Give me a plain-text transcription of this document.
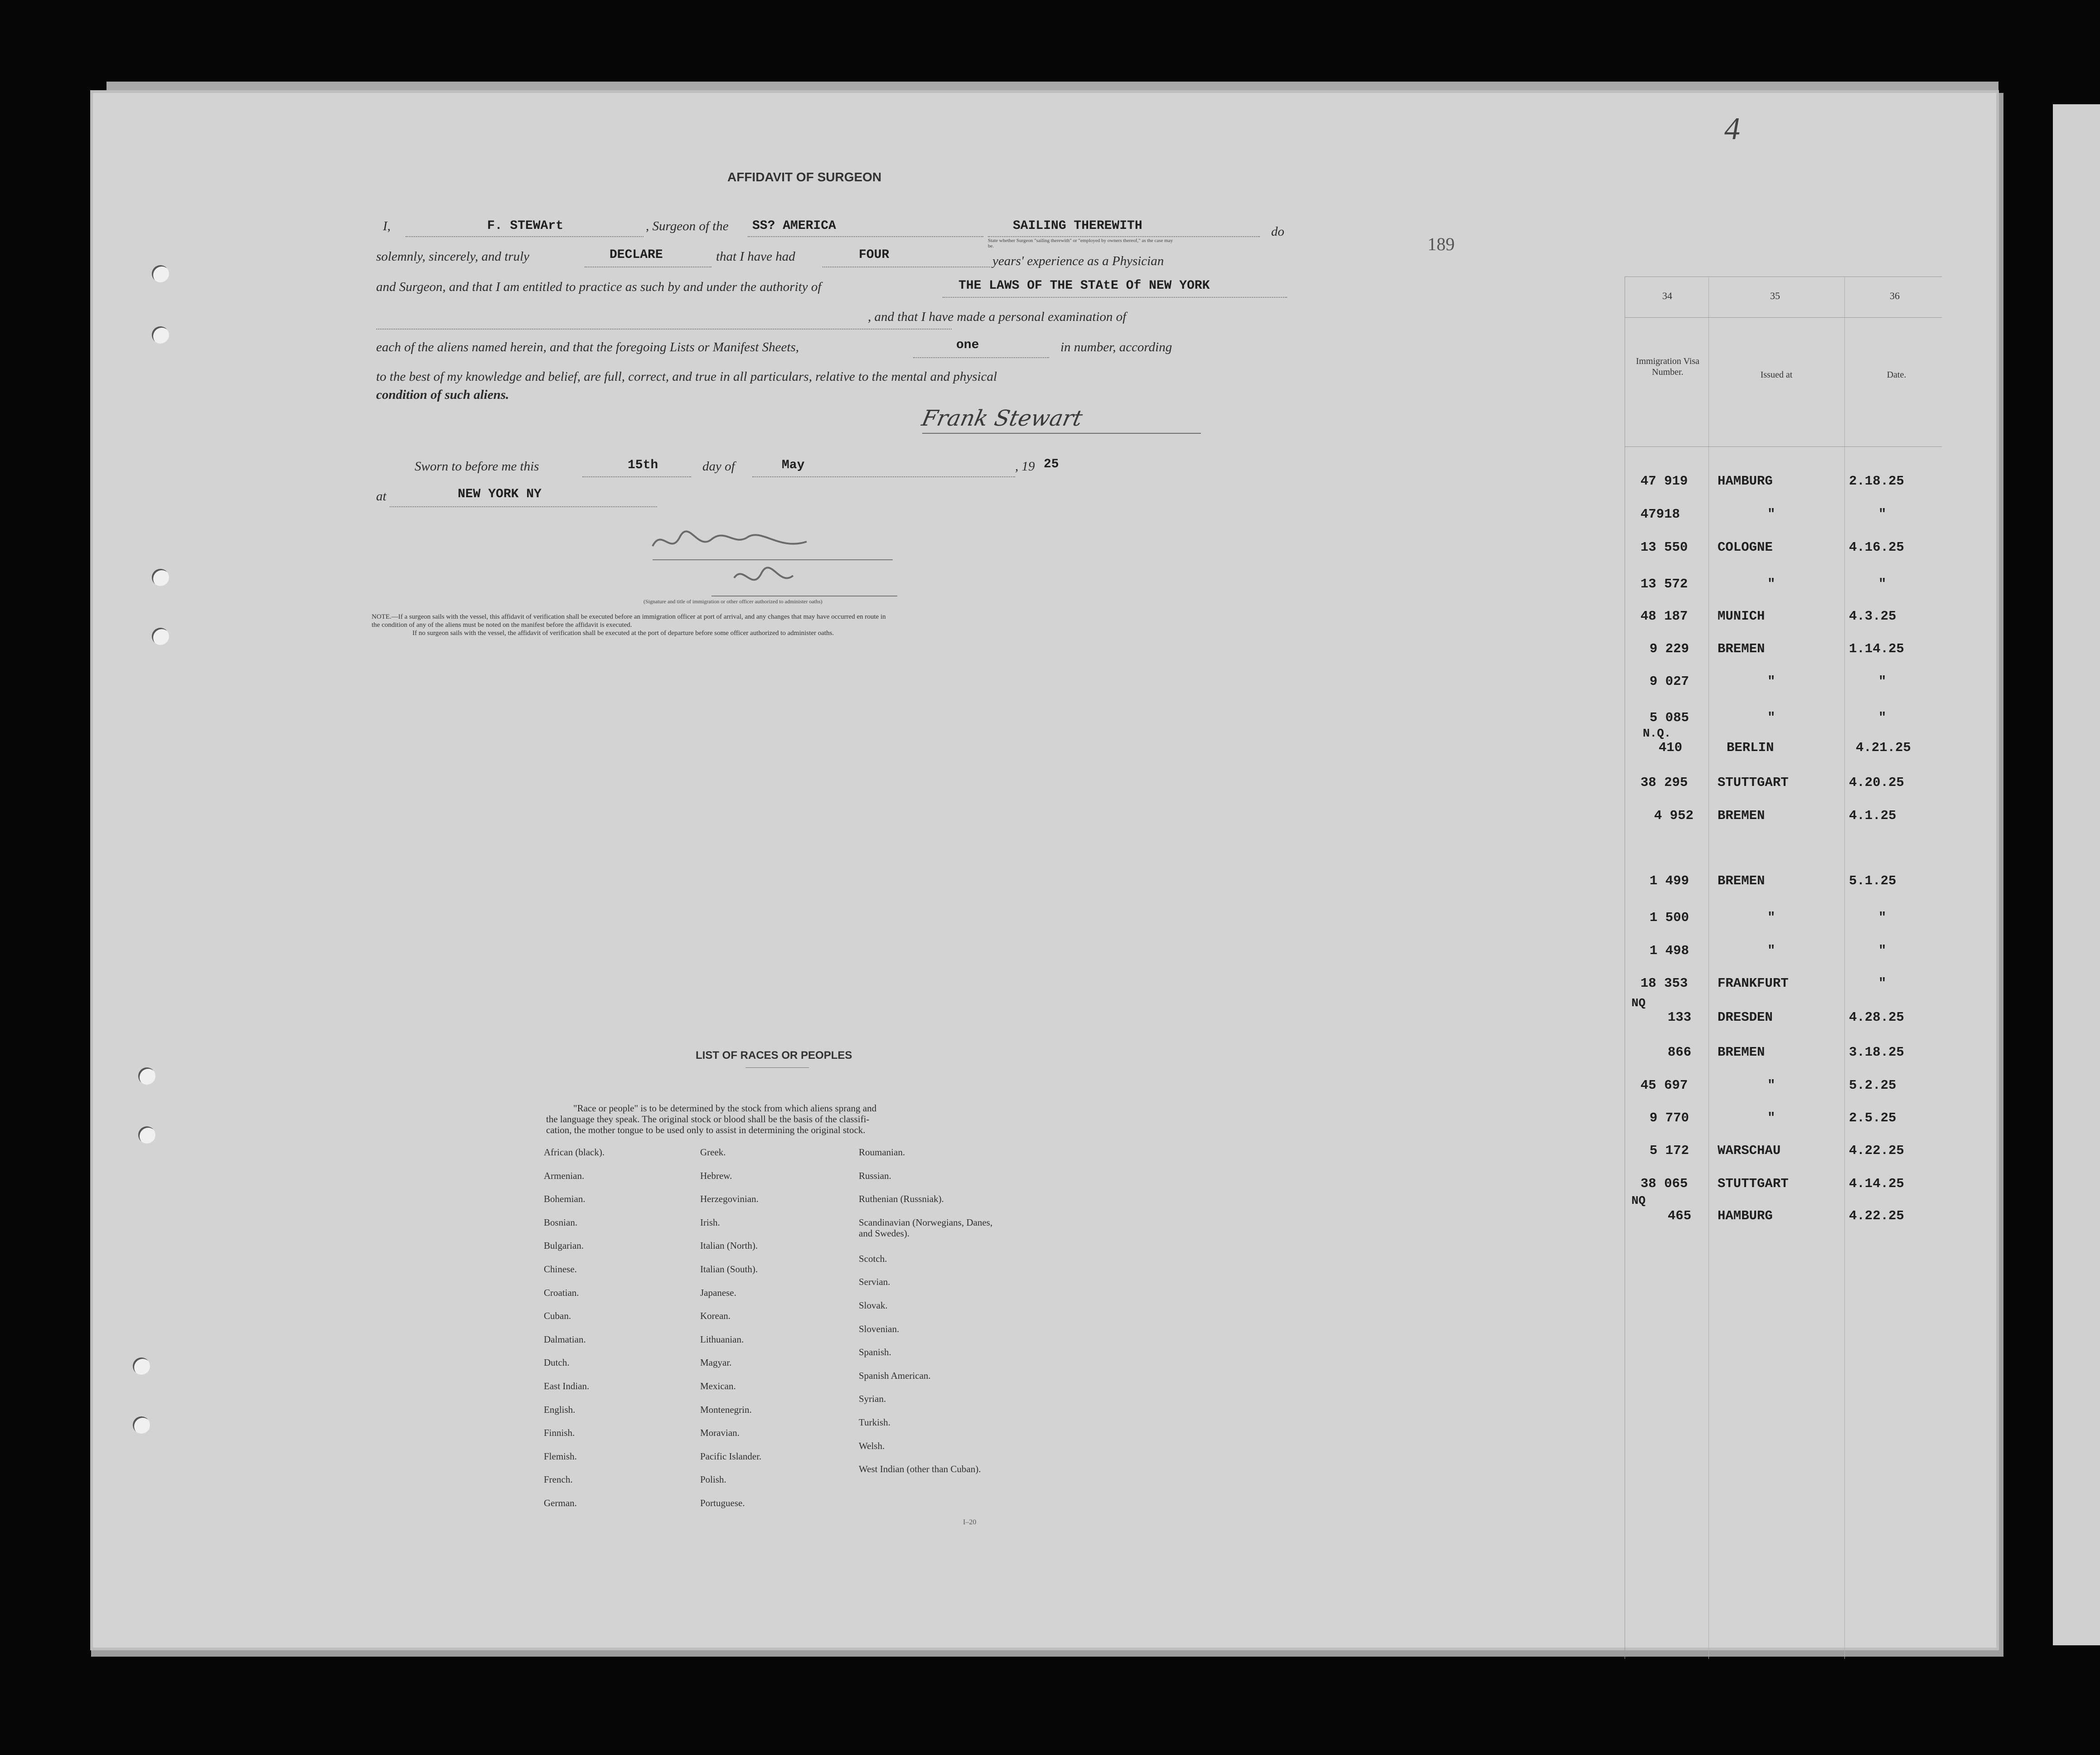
4
189
AFFIDAVIT OF SURGEON
I,	F. STEWArt	, Surgeon of the SS? AMERICA	SAILING THEREWITH	do
State whether Surgeon "sailing therewith" or "employed by owners thereof," as the case may be.
solemnly, sincerely, and truly	DECLARE	that I have had	FOUR	years' experience as a Physician
and Surgeon, and that I am entitled to practice as such by and under the authority of	THE LAWS OF THE STAtE Of NEW YORK
, and that I have made a personal examination of
each of the aliens named herein, and that the foregoing Lists or Manifest Sheets,	one	in number, according
to the best of my knowledge and belief, are full, correct, and true in all particulars, relative to the mental and physical
condition of such aliens.
Frank Stewart
Sworn to before me this	15th	day of	May	, 19 25
at	NEW YORK NY
(Signature and title of immigration or other officer authorized to administer oaths)
NOTE.—If a surgeon sails with the vessel, this affidavit of verification shall be executed before an immigration officer at port of arrival, and any changes that may have occurred en route in
the condition of any of the aliens must be noted on the manifest before the affidavit is executed.
If no surgeon sails with the vessel, the affidavit of verification shall be executed at the port of departure before some officer authorized to administer oaths.
LIST OF RACES OR PEOPLES
"Race or people" is to be determined by the stock from which aliens sprang and
the language they speak. The original stock or blood shall be the basis of the classifi-
cation, the mother tongue to be used only to assist in determining the original stock.
African (black).
Armenian.
Bohemian.
Bosnian.
Bulgarian.
Chinese.
Croatian.
Cuban.
Dalmatian.
Dutch.
East Indian.
English.
Finnish.
Flemish.
French.
German.
Greek.
Hebrew.
Herzegovinian.
Irish.
Italian (North).
Italian (South).
Japanese.
Korean.
Lithuanian.
Magyar.
Mexican.
Montenegrin.
Moravian.
Pacific Islander.
Polish.
Portuguese.
Roumanian.
Russian.
Ruthenian (Russniak).
Scandinavian (Norwegians, Danes, and Swedes).
Scotch.
Servian.
Slovak.
Slovenian.
Spanish.
Spanish American.
Syrian.
Turkish.
Welsh.
West Indian (other than Cuban).
I–20
34	35	36
Immigration Visa Number.	Issued at	Date.
47 919 HAMBURG	2.18.25
47918	"	"
13 550 COLOGNE	4.16.25
13 572	"	"
48 187 MUNICH	4.3.25
9 229 BREMEN	1.14.25
9 027	"	"
5 085	"	"
N.Q.
410	BERLIN	4.21.25
38 295 STUTTGART	4.20.25
4 952 BREMEN	4.1.25
1 499 BREMEN	5.1.25
1 500	"	"
1 498	"	"
18 353 FRANKFURT	"
NQ
133 DRESDEN	4.28.25
866 BREMEN	3.18.25
45 697	"	5.2.25
9 770	"	2.5.25
5 172 WARSCHAU	4.22.25
38 065 STUTTGART	4.14.25
NQ
465 HAMBURG	4.22.25
